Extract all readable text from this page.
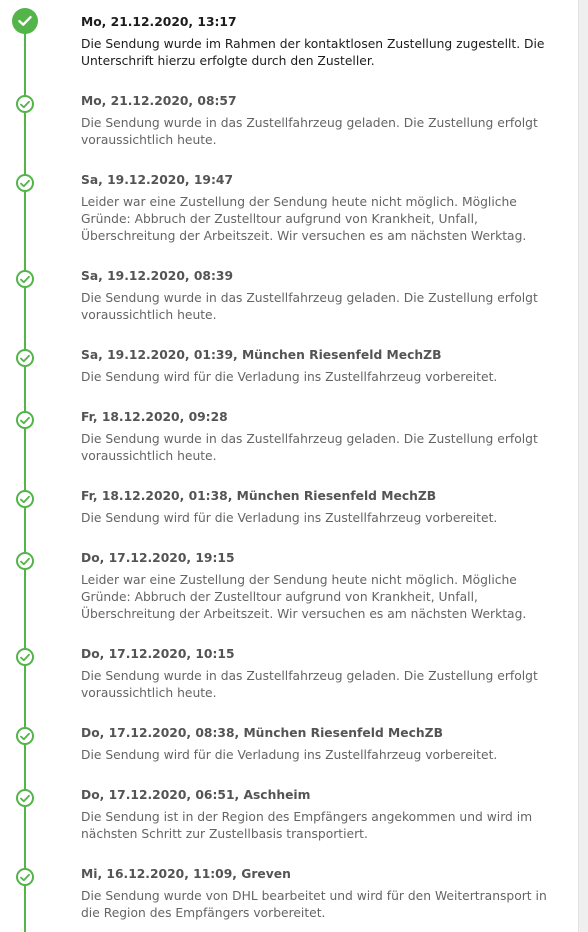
Mo, 21.12.2020, 13:17
Die Sendung wurde im Rahmen der kontaktlosen Zustellung zugestellt. Die Unterschrift hierzu erfolgte durch den Zusteller.
Mo, 21.12.2020, 08:57
Die Sendung wurde in das Zustellfahrzeug geladen. Die Zustellung erfolgt voraussichtlich heute.
Sa, 19.12.2020, 19:47
Leider war eine Zustellung der Sendung heute nicht möglich. Mögliche Gründe: Abbruch der Zustelltour aufgrund von Krankheit, Unfall, Überschreitung der Arbeitszeit. Wir versuchen es am nächsten Werktag.
Sa, 19.12.2020, 08:39
Die Sendung wurde in das Zustellfahrzeug geladen. Die Zustellung erfolgt voraussichtlich heute.
Sa, 19.12.2020, 01:39, München Riesenfeld MechZB
Die Sendung wird für die Verladung ins Zustellfahrzeug vorbereitet.
Fr, 18.12.2020, 09:28
Die Sendung wurde in das Zustellfahrzeug geladen. Die Zustellung erfolgt voraussichtlich heute.
Fr, 18.12.2020, 01:38, München Riesenfeld MechZB
Die Sendung wird für die Verladung ins Zustellfahrzeug vorbereitet.
Do, 17.12.2020, 19:15
Leider war eine Zustellung der Sendung heute nicht möglich. Mögliche Gründe: Abbruch der Zustelltour aufgrund von Krankheit, Unfall, Überschreitung der Arbeitszeit. Wir versuchen es am nächsten Werktag.
Do, 17.12.2020, 10:15
Die Sendung wurde in das Zustellfahrzeug geladen. Die Zustellung erfolgt voraussichtlich heute.
Do, 17.12.2020, 08:38, München Riesenfeld MechZB
Die Sendung wird für die Verladung ins Zustellfahrzeug vorbereitet.
Do, 17.12.2020, 06:51, Aschheim
Die Sendung ist in der Region des Empfängers angekommen und wird im nächsten Schritt zur Zustellbasis transportiert.
Mi, 16.12.2020, 11:09, Greven
Die Sendung wurde von DHL bearbeitet und wird für den Weitertransport in die Region des Empfängers vorbereitet.
